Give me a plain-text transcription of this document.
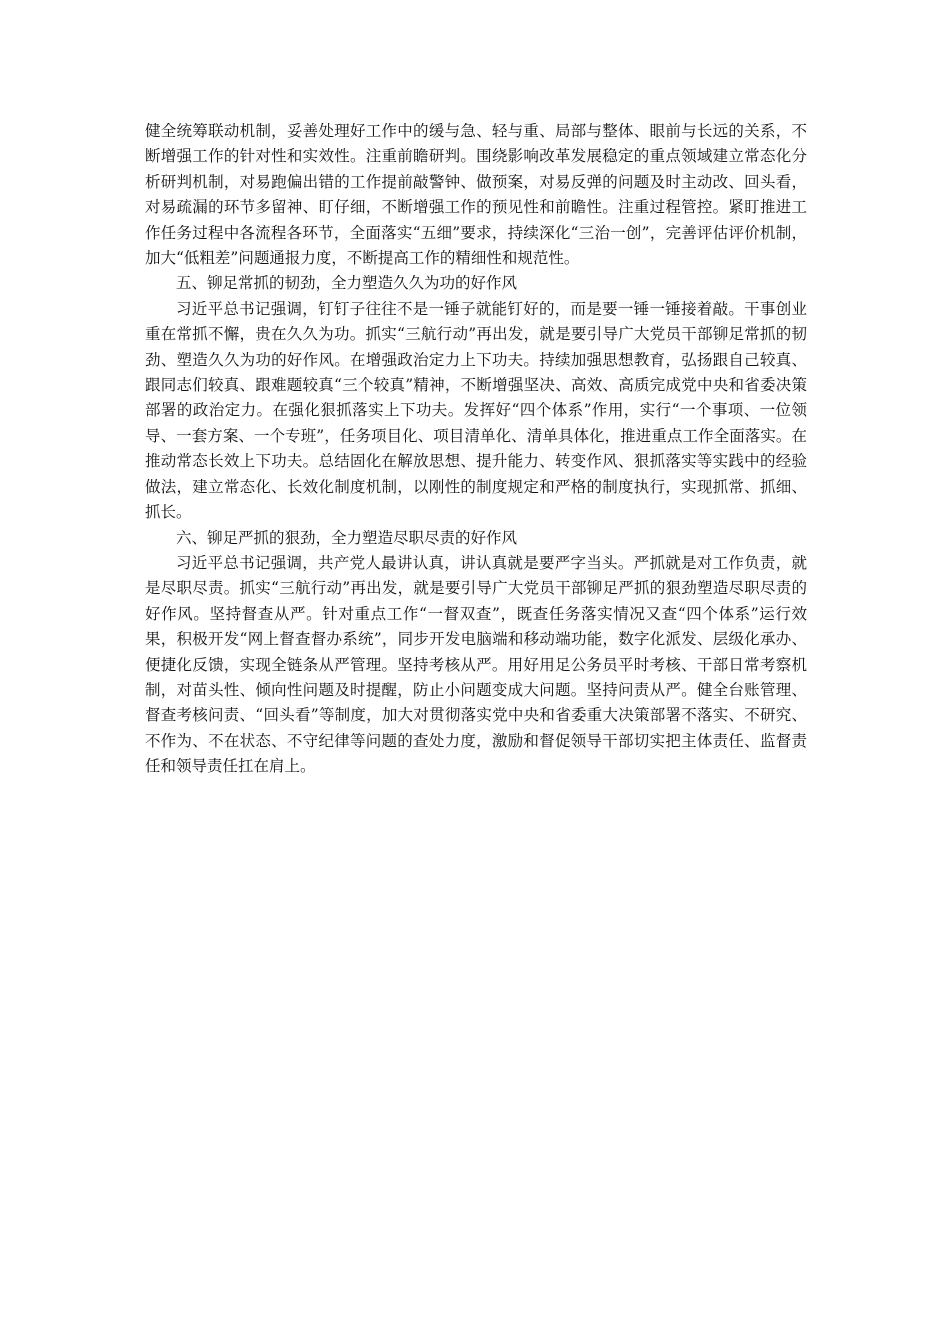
健全统筹联动机制，妥善处理好工作中的缓与急、轻与重、局部与整体、眼前与长远的关系，不断增强工作的针对性和实效性。注重前瞻研判。围绕影响改革发展稳定的重点领域建立常态化分析研判机制，对易跑偏出错的工作提前敲警钟、做预案，对易反弹的问题及时主动改、回头看，对易疏漏的环节多留神、盯仔细，不断增强工作的预见性和前瞻性。注重过程管控。紧盯推进工作任务过程中各流程各环节，全面落实“五细”要求，持续深化“三治一创”，完善评估评价机制，加大“低粗差”问题通报力度，不断提高工作的精细性和规范性。

五、铆足常抓的韧劲，全力塑造久久为功的好作风

习近平总书记强调，钉钉子往往不是一锤子就能钉好的，而是要一锤一锤接着敲。干事创业重在常抓不懈，贵在久久为功。抓实“三航行动”再出发，就是要引导广大党员干部铆足常抓的韧劲、塑造久久为功的好作风。在增强政治定力上下功夫。持续加强思想教育，弘扬跟自己较真、跟同志们较真、跟难题较真“三个较真”精神，不断增强坚决、高效、高质完成党中央和省委决策部署的政治定力。在强化狠抓落实上下功夫。发挥好“四个体系”作用，实行“一个事项、一位领导、一套方案、一个专班”，任务项目化、项目清单化、清单具体化，推进重点工作全面落实。在推动常态长效上下功夫。总结固化在解放思想、提升能力、转变作风、狠抓落实等实践中的经验做法，建立常态化、长效化制度机制，以刚性的制度规定和严格的制度执行，实现抓常、抓细、抓长。

六、铆足严抓的狠劲，全力塑造尽职尽责的好作风

习近平总书记强调，共产党人最讲认真，讲认真就是要严字当头。严抓就是对工作负责，就是尽职尽责。抓实“三航行动”再出发，就是要引导广大党员干部铆足严抓的狠劲塑造尽职尽责的好作风。坚持督查从严。针对重点工作“一督双查”，既查任务落实情况又查“四个体系”运行效果，积极开发“网上督查督办系统”，同步开发电脑端和移动端功能，数字化派发、层级化承办、便捷化反馈，实现全链条从严管理。坚持考核从严。用好用足公务员平时考核、干部日常考察机制，对苗头性、倾向性问题及时提醒，防止小问题变成大问题。坚持问责从严。健全台账管理、督查考核问责、“回头看”等制度，加大对贯彻落实党中央和省委重大决策部署不落实、不研究、不作为、不在状态、不守纪律等问题的查处力度，激励和督促领导干部切实把主体责任、监督责任和领导责任扛在肩上。
